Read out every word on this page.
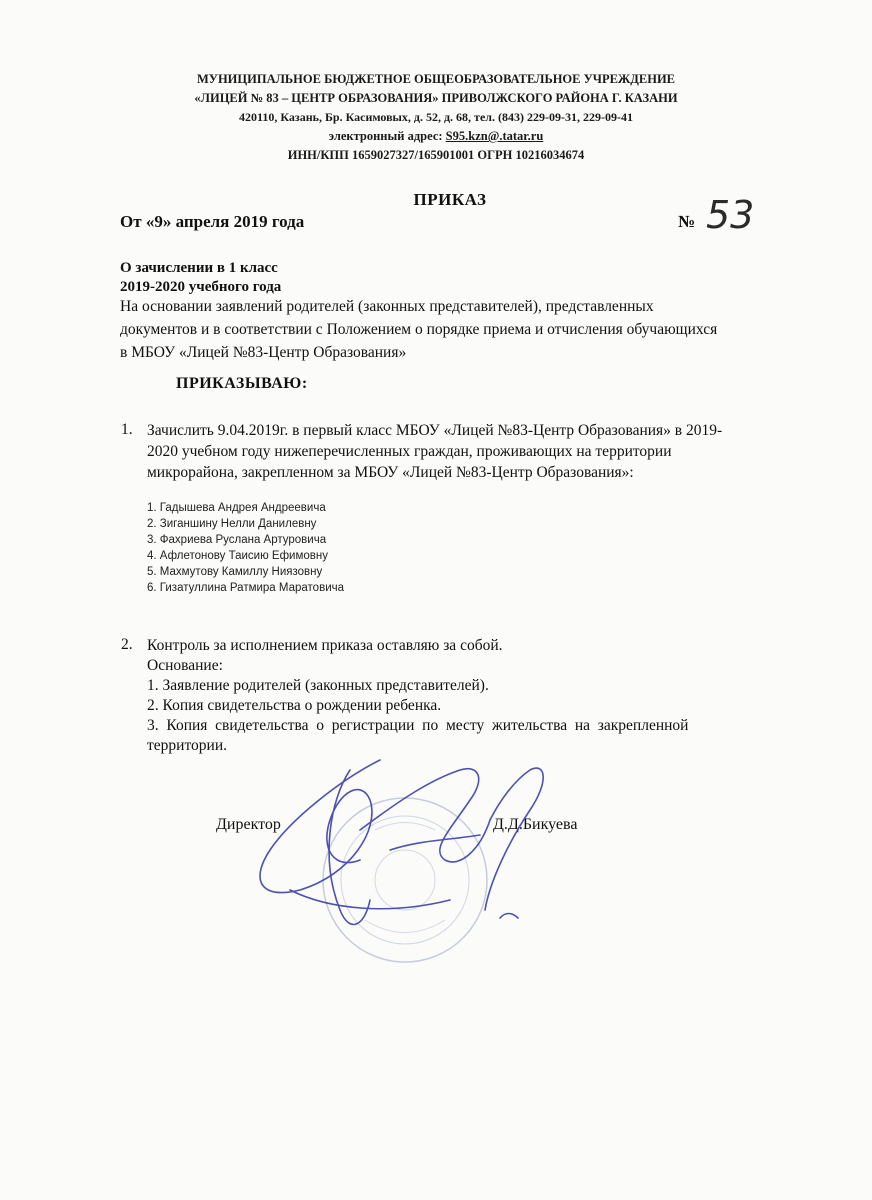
МУНИЦИПАЛЬНОЕ БЮДЖЕТНОЕ ОБЩЕОБРАЗОВАТЕЛЬНОЕ УЧРЕЖДЕНИЕ
«ЛИЦЕЙ № 83 – ЦЕНТР ОБРАЗОВАНИЯ» ПРИВОЛЖСКОГО РАЙОНА Г. КАЗАНИ
420110, Казань, Бр. Касимовых, д. 52, д. 68, тел. (843) 229-09-31, 229-09-41
электронный адрес: S95.kzn@.tatar.ru
ИНН/КПП 1659027327/165901001 ОГРН 10216034674
ПРИКАЗ
От «9» апреля 2019 года	№ 53
О зачислении в 1 класс
2019-2020 учебного года
На основании заявлений родителей (законных представителей), представленных
документов и в соответствии с Положением о порядке приема и отчисления обучающихся
в МБОУ «Лицей №83-Центр Образования»
ПРИКАЗЫВАЮ:
1. Зачислить 9.04.2019г. в первый класс МБОУ «Лицей №83-Центр Образования» в 2019-
2020 учебном году нижеперечисленных граждан, проживающих на территории
микрорайона, закрепленном за МБОУ «Лицей №83-Центр Образования»:
1. Гадышева Андрея Андреевича
2. Зиганшину Нелли Данилевну
3. Фахриева Руслана Артуровича
4. Афлетонову Таисию Ефимовну
5. Махмутову Камиллу Ниязовну
6. Гизатуллина Ратмира Маратовича
2. Контроль за исполнением приказа оставляю за собой.
Основание:
1. Заявление родителей (законных представителей).
2. Копия свидетельства о рождении ребенка.
3.  Копия  свидетельства  о  регистрации  по  месту  жительства  на  закрепленной
территории.
Директор	Д.Д.Бикуева
